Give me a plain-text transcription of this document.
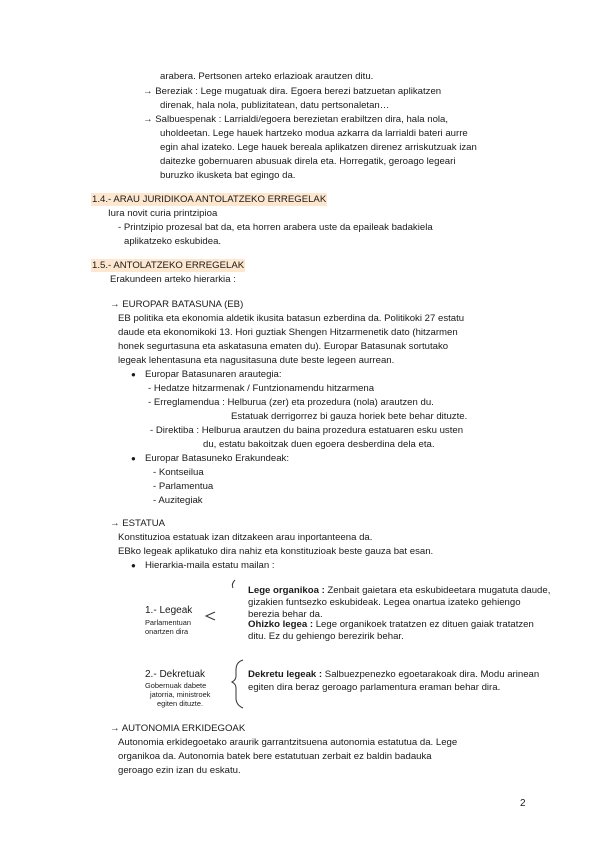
arabera. Pertsonen arteko erlazioak arautzen ditu.
→ Bereziak : Lege mugatuak dira. Egoera berezi batzuetan aplikatzen
direnak, hala nola, publizitatean, datu pertsonaletan…
→ Salbuespenak : Larrialdi/egoera berezietan erabiltzen dira, hala nola,
uholdeetan. Lege hauek hartzeko modua azkarra da larrialdi bateri aurre
egin ahal izateko. Lege hauek bereala aplikatzen direnez arriskutzuak izan
daitezke gobernuaren abusuak direla eta. Horregatik, geroago legeari
buruzko ikusketa bat egingo da.
1.4.- ARAU JURIDIKOA ANTOLATZEKO ERREGELAK
Iura novit curia printzipioa
- Printzipio prozesal bat da, eta horren arabera uste da epaileak badakiela
aplikatzeko eskubidea.
1.5.- ANTOLATZEKO ERREGELAK
Erakundeen arteko hierarkia :
→ EUROPAR BATASUNA (EB)
EB politika eta ekonomia aldetik ikusita batasun ezberdina da. Politikoki 27 estatu
daude eta ekonomikoki 13. Hori guztiak Shengen Hitzarmenetik dato (hitzarmen
honek segurtasuna eta askatasuna ematen du). Europar Batasunak sortutako
legeak lehentasuna eta nagusitasuna dute beste legeen aurrean.
● Europar Batasunaren arautegia:
- Hedatze hitzarmenak / Funtzionamendu hitzarmena
- Erreglamendua : Helburua (zer) eta prozedura (nola) arautzen du.
Estatuak derrigorrez bi gauza horiek bete behar dituzte.
- Direktiba : Helburua arautzen du baina prozedura estatuaren esku usten
du, estatu bakoitzak duen egoera desberdina dela eta.
● Europar Batasuneko Erakundeak:
- Kontseilua
- Parlamentua
- Auzitegiak
→ ESTATUA
Konstituzioa estatuak izan ditzakeen arau inportanteena da.
EBko legeak aplikatuko dira nahiz eta konstituzioak beste gauza bat esan.
● Hierarkia-maila estatu mailan :
1.- Legeak
Parlamentuan
onartzen dira
Lege organikoa : Zenbait gaietara eta eskubideetara mugatuta daude,
gizakien funtsezko eskubideak. Legea onartua izateko gehiengo
berezia behar da.
Ohizko legea : Lege organikoek tratatzen ez dituen gaiak tratatzen
ditu. Ez du gehiengo berezirik behar.
2.- Dekretuak
Gobernuak dabete
jatorria, ministroek
egiten dituzte.
Dekretu legeak : Salbuezpenezko egoetarakoak dira. Modu arinean
egiten dira beraz geroago parlamentura eraman behar dira.
→ AUTONOMIA ERKIDEGOAK
Autonomia erkidegoetako araurik garrantzitsuena autonomia estatutua da. Lege
organikoa da. Autonomia batek bere estatutuan zerbait ez baldin badauka
geroago ezin izan du eskatu.
2
